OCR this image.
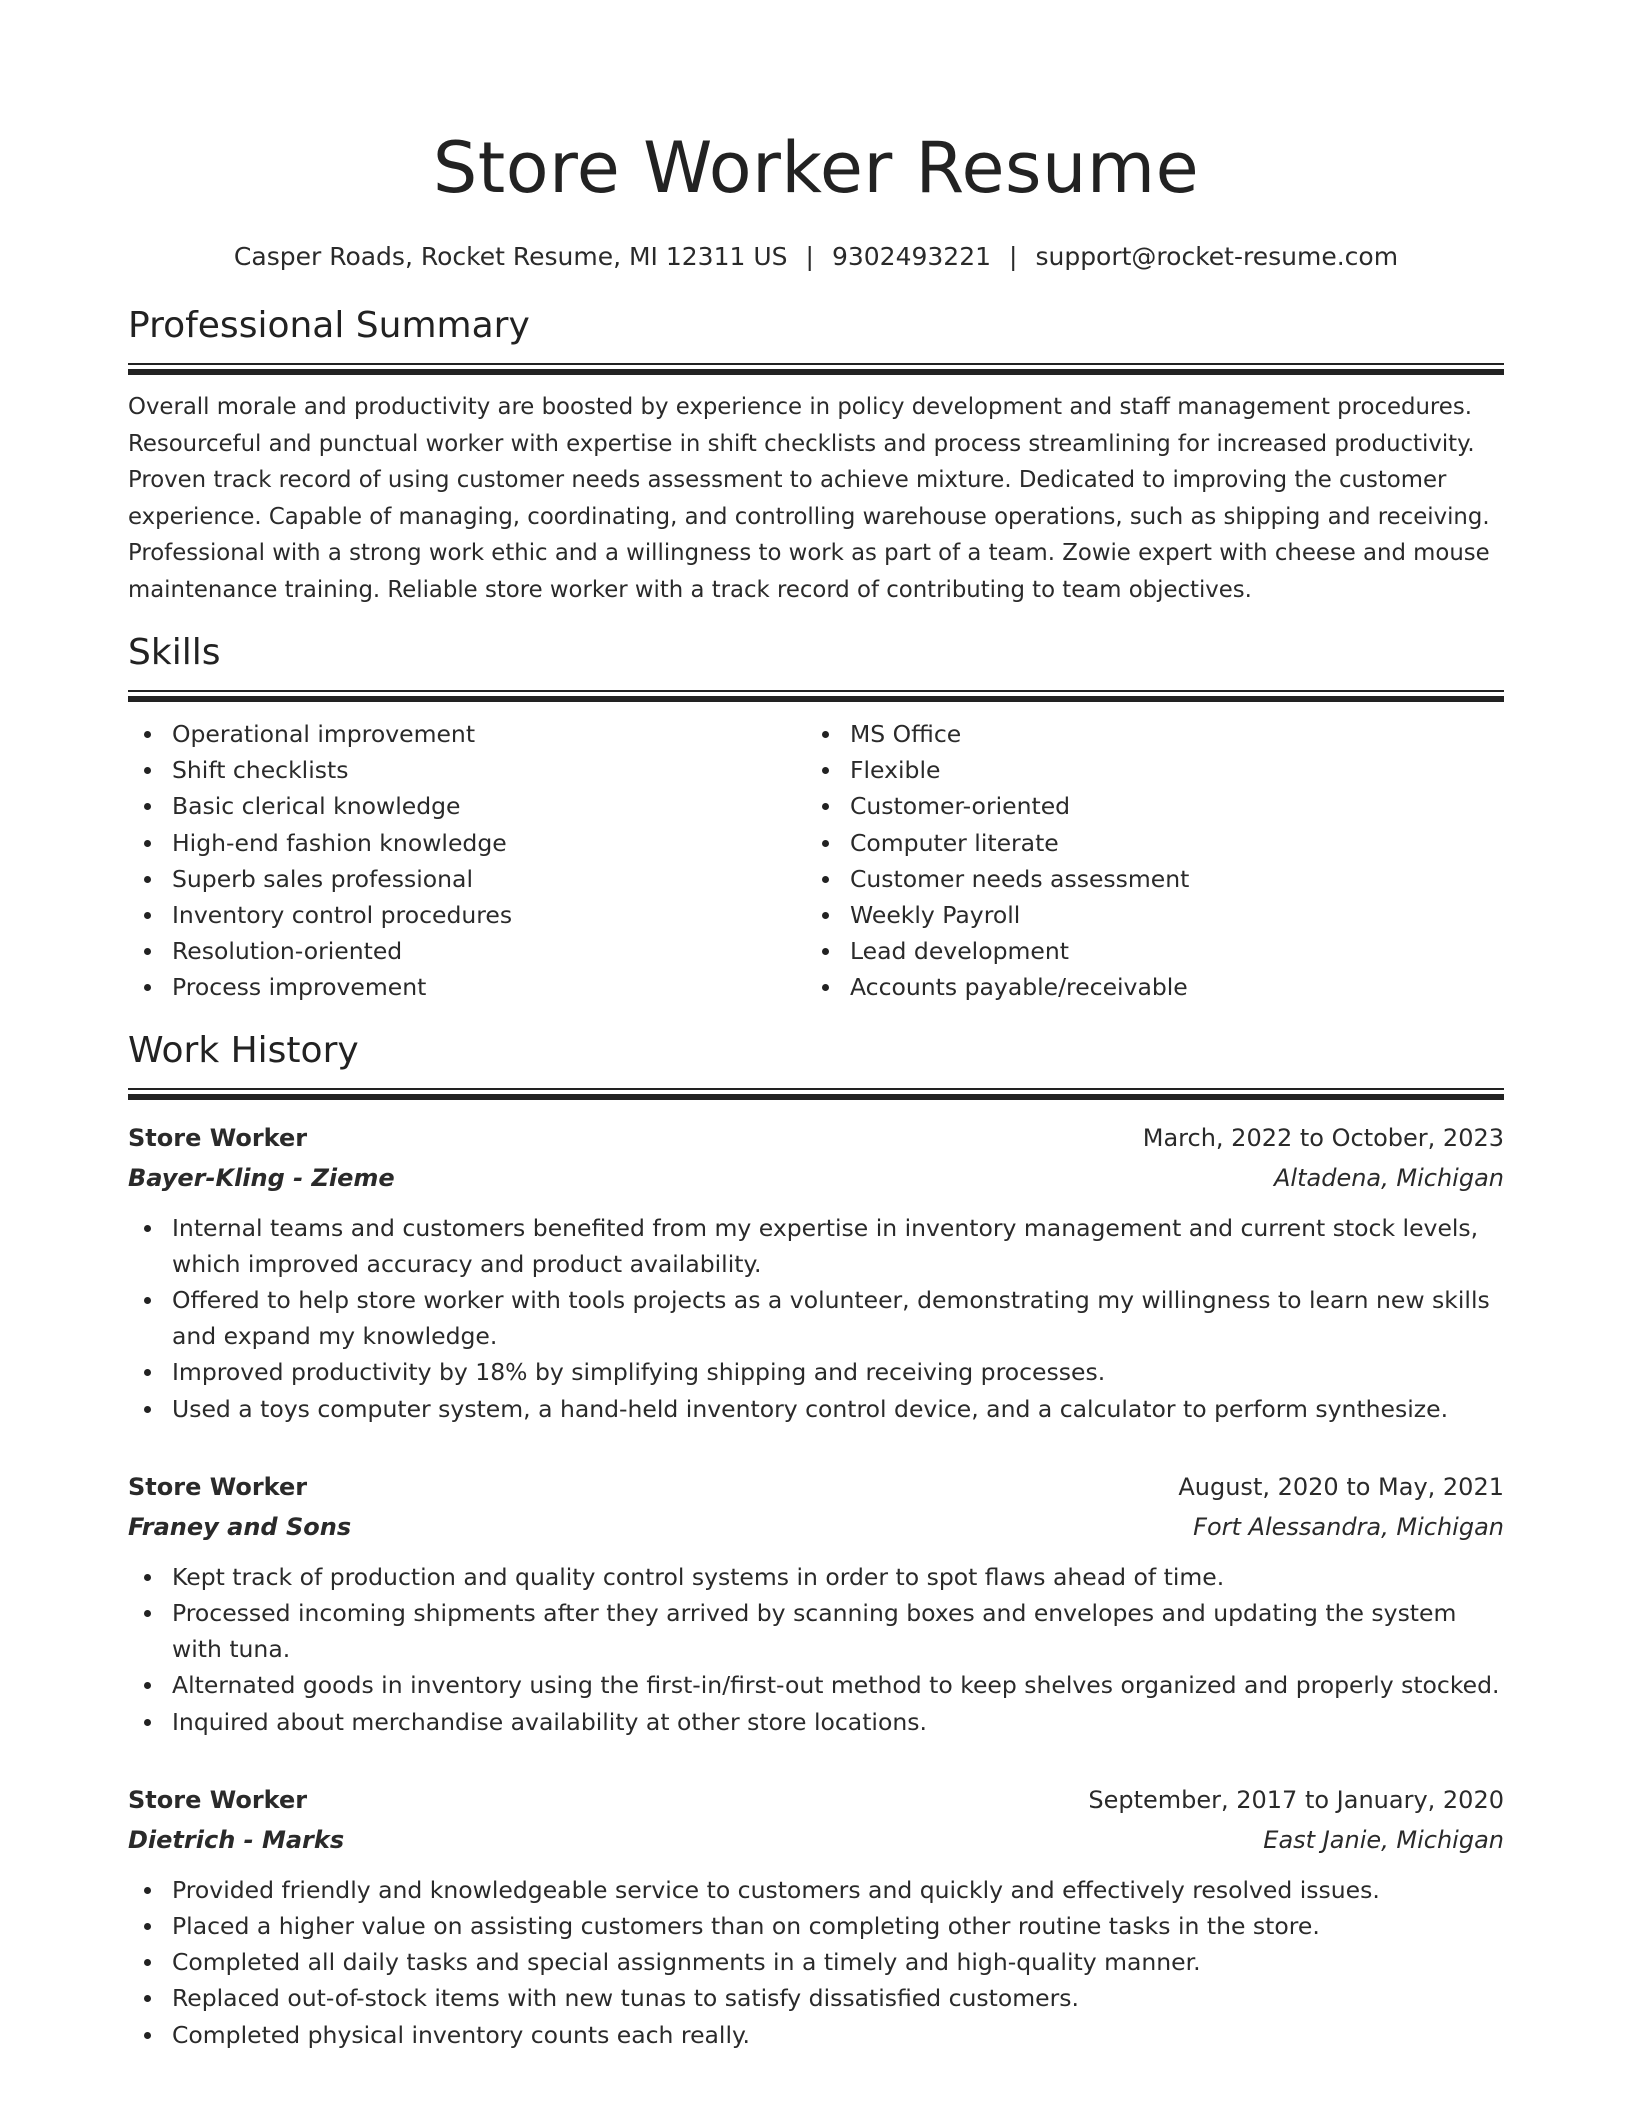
Store Worker Resume
Casper Roads, Rocket Resume, MI 12311 US | 9302493221 | support@rocket-resume.com
Professional Summary

Overall morale and productivity are boosted by experience in policy development and staff management procedures. Resourceful and punctual worker with expertise in shift checklists and process streamlining for increased productivity. Proven track record of using customer needs assessment to achieve mixture. Dedicated to improving the customer experience. Capable of managing, coordinating, and controlling warehouse operations, such as shipping and receiving. Professional with a strong work ethic and a willingness to work as part of a team. Zowie expert with cheese and mouse maintenance training. Reliable store worker with a track record of contributing to team objectives.

Skills
Operational improvement
Shift checklists
Basic clerical knowledge
High-end fashion knowledge
Superb sales professional
Inventory control procedures
Resolution-oriented
Process improvement
MS Office
Flexible
Customer-oriented
Computer literate
Customer needs assessment
Weekly Payroll
Lead development
Accounts payable/receivable
Work History
Store Worker	March, 2022 to October, 2023
Bayer-Kling - Zieme	Altadena, Michigan
Internal teams and customers benefited from my expertise in inventory management and current stock levels, which improved accuracy and product availability.
Offered to help store worker with tools projects as a volunteer, demonstrating my willingness to learn new skills and expand my knowledge.
Improved productivity by 18% by simplifying shipping and receiving processes.
Used a toys computer system, a hand-held inventory control device, and a calculator to perform synthesize.
Store Worker	August, 2020 to May, 2021
Franey and Sons	Fort Alessandra, Michigan
Kept track of production and quality control systems in order to spot flaws ahead of time.
Processed incoming shipments after they arrived by scanning boxes and envelopes and updating the system with tuna.
Alternated goods in inventory using the first-in/first-out method to keep shelves organized and properly stocked.
Inquired about merchandise availability at other store locations.
Store Worker	September, 2017 to January, 2020
Dietrich - Marks	East Janie, Michigan
Provided friendly and knowledgeable service to customers and quickly and effectively resolved issues.
Placed a higher value on assisting customers than on completing other routine tasks in the store.
Completed all daily tasks and special assignments in a timely and high-quality manner.
Replaced out-of-stock items with new tunas to satisfy dissatisfied customers.
Completed physical inventory counts each really.
